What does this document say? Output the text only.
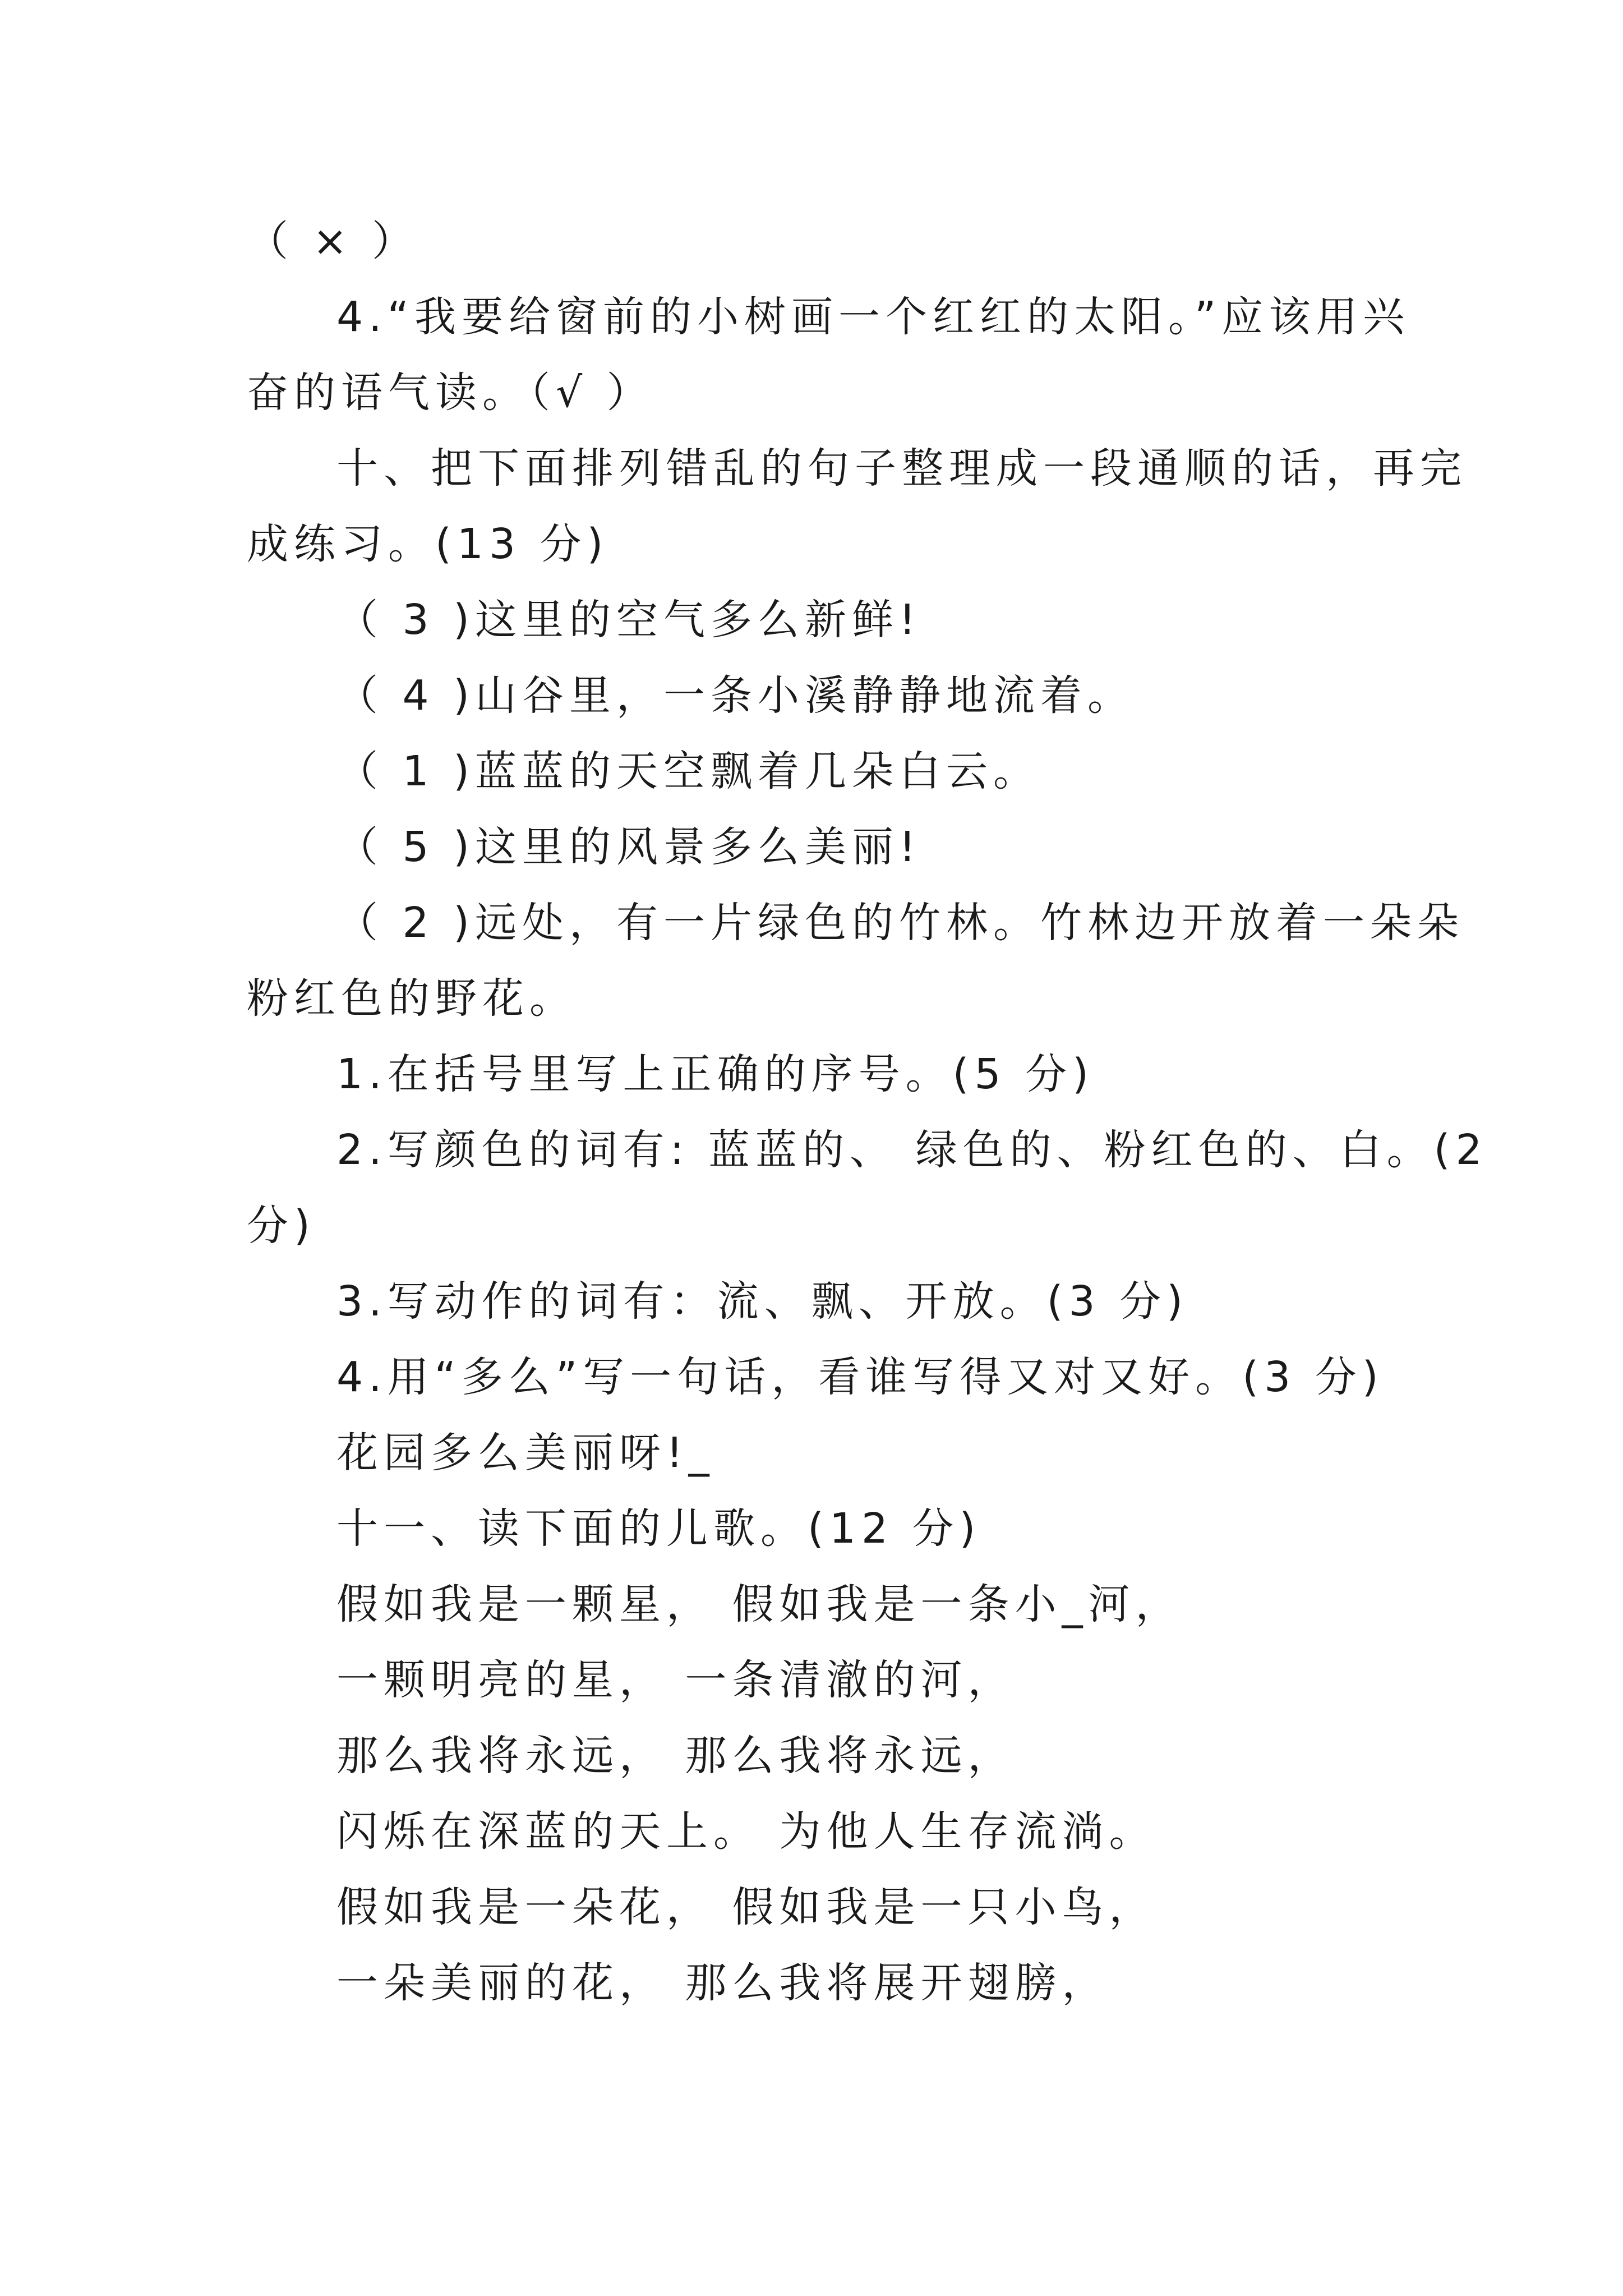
（ × ）
4.“我要给窗前的小树画一个红红的太阳。”应该用兴
奋的语气读。（√ ）
十、把下面排列错乱的句子整理成一段通顺的话，再完
成练习。(13 分)
（ 3 )这里的空气多么新鲜!
（ 4 )山谷里，一条小溪静静地流着。
（ 1 )蓝蓝的天空飘着几朵白云。
（ 5 )这里的风景多么美丽!
（ 2 )远处，有一片绿色的竹林。竹林边开放着一朵朵
粉红色的野花。
1.在括号里写上正确的序号。(5 分)
2.写颜色的词有: 蓝蓝的、 绿色的、粉红色的、白。(2
分)
3.写动作的词有：流、飘、开放。(3 分)
4.用“多么”写一句话，看谁写得又对又好。(3 分)
花园多么美丽呀!_
十一、读下面的儿歌。(12 分)
假如我是一颗星， 假如我是一条小_河，
一颗明亮的星， 一条清澈的河，
那么我将永远， 那么我将永远，
闪烁在深蓝的天上。 为他人生存流淌。
假如我是一朵花， 假如我是一只小鸟，
一朵美丽的花， 那么我将展开翅膀，
